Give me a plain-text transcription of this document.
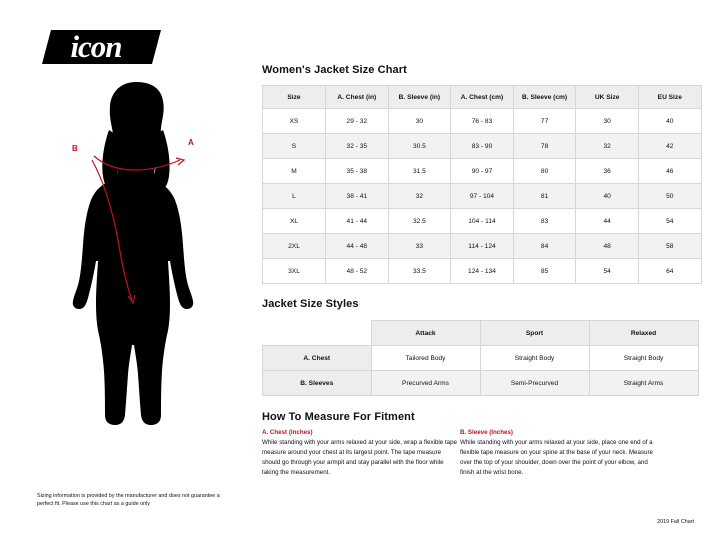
icon
B
A
Sizing information is provided by the manufacturer and does not guarantee a perfect fit. Please use this chart as a guide only
Women's Jacket Size Chart
Size	A. Chest (in)	B. Sleeve (in)	A. Chest (cm)	B. Sleeve (cm)	UK Size	EU Size
XS	29 - 32	30	76 - 83	77	30	40
S	32 - 35	30.5	83 - 90	78	32	42
M	35 - 38	31.5	90 - 97	80	36	46
L	38 - 41	32	97 - 104	81	40	50
XL	41 - 44	32.5	104 - 114	83	44	54
2XL	44 - 48	33	114 - 124	84	48	58
3XL	48 - 52	33.5	124 - 134	85	54	64
Jacket Size Styles
	Attack	Sport	Relaxed
A. Chest	Tailored Body	Straight Body	Straight Body
B. Sleeves	Precurved Arms	Semi-Precurved	Straight Arms
How To Measure For Fitment
A. Chest (Inches)
While standing with your arms relaxed at your side, wrap a flexible tape measure around your chest at its largest point. The tape measure should go through your armpit and stay parallel with the floor while taking the measurement.
B. Sleeve (Inches)
While standing with your arms relaxed at your side, place one end of a flexible tape measure on your spine at the base of your neck. Measure over the top of your shoulder, down over the point of your elbow, and finish at the wrist bone.
2019 Fall Chart
